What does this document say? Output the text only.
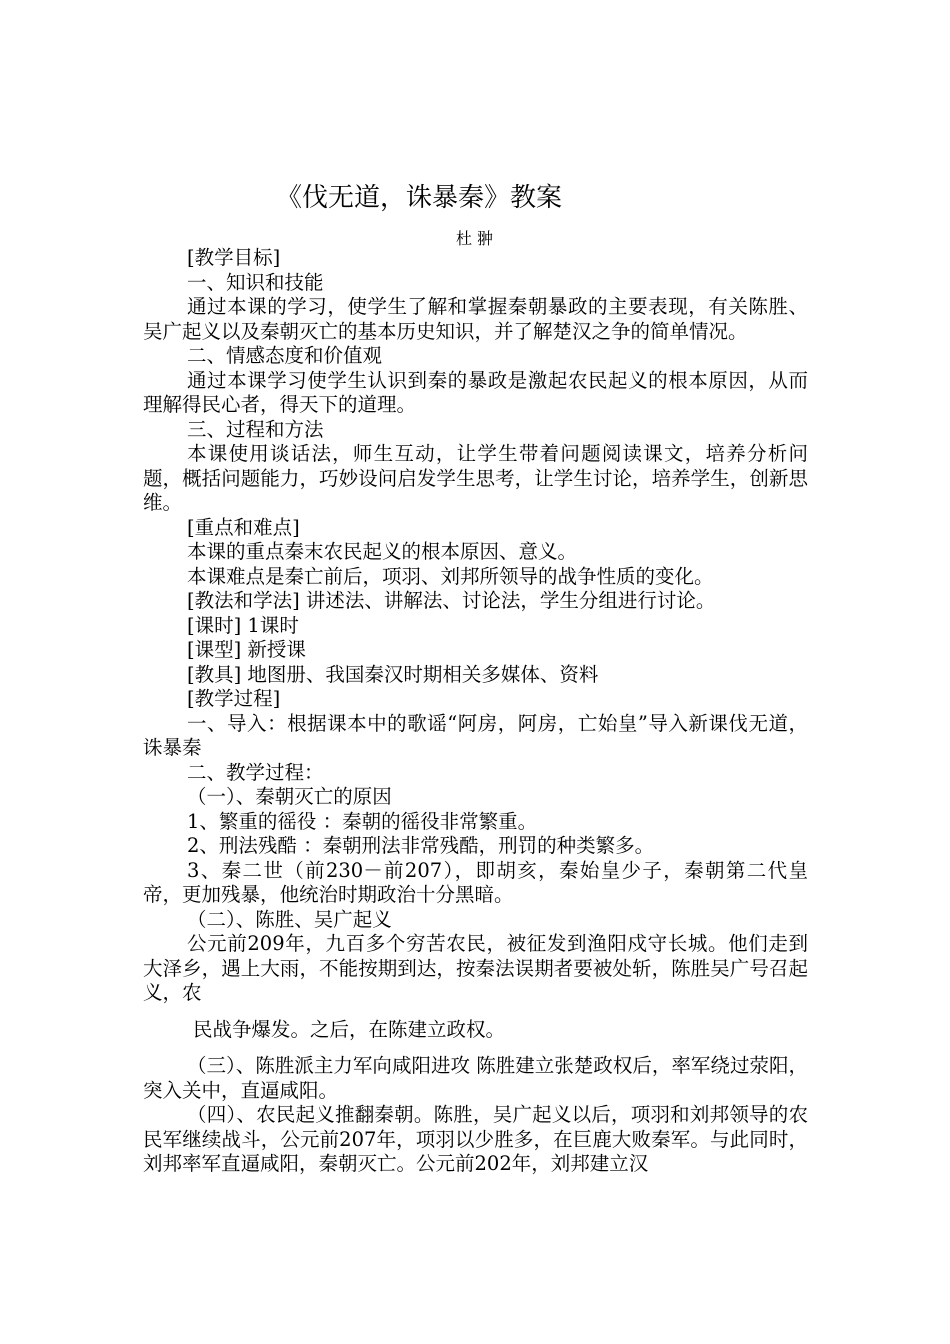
《伐无道，诛暴秦》教案
杜 翀

[教学目标]

一、知识和技能

通过本课的学习，使学生了解和掌握秦朝暴政的主要表现，有关陈胜、吴广起义以及秦朝灭亡的基本历史知识，并了解楚汉之争的简单情况。

二、情感态度和价值观

通过本课学习使学生认识到秦的暴政是激起农民起义的根本原因，从而理解得民心者，得天下的道理。

三、过程和方法

本课使用谈话法，师生互动，让学生带着问题阅读课文，培养分析问题，概括问题能力，巧妙设问启发学生思考，让学生讨论，培养学生，创新思维。

[重点和难点]

本课的重点秦末农民起义的根本原因、意义。

本课难点是秦亡前后，项羽、刘邦所领导的战争性质的变化。

[教法和学法] 讲述法、讲解法、讨论法，学生分组进行讨论。

[课时] 1课时

[课型] 新授课

[教具] 地图册、我国秦汉时期相关多媒体、资料

[教学过程]

一、导入：根据课本中的歌谣“阿房，阿房，亡始皇”导入新课伐无道，诛暴秦

二、教学过程：

（一）、秦朝灭亡的原因

1、繁重的徭役 ：秦朝的徭役非常繁重。

2、刑法残酷 ：秦朝刑法非常残酷，刑罚的种类繁多。

3、秦二世（前230－前207），即胡亥，秦始皇少子，秦朝第二代皇帝，更加残暴，他统治时期政治十分黑暗。

（二）、陈胜、吴广起义

公元前209年，九百多个穷苦农民，被征发到渔阳戍守长城。他们走到大泽乡，遇上大雨，不能按期到达，按秦法误期者要被处斩，陈胜吴广号召起义，农

民战争爆发。之后，在陈建立政权。

（三）、陈胜派主力军向咸阳进攻 陈胜建立张楚政权后，率军绕过荥阳，突入关中，直逼咸阳。

（四）、农民起义推翻秦朝。陈胜，吴广起义以后，项羽和刘邦领导的农民军继续战斗，公元前207年，项羽以少胜多，在巨鹿大败秦军。与此同时，刘邦率军直逼咸阳，秦朝灭亡。公元前202年，刘邦建立汉
